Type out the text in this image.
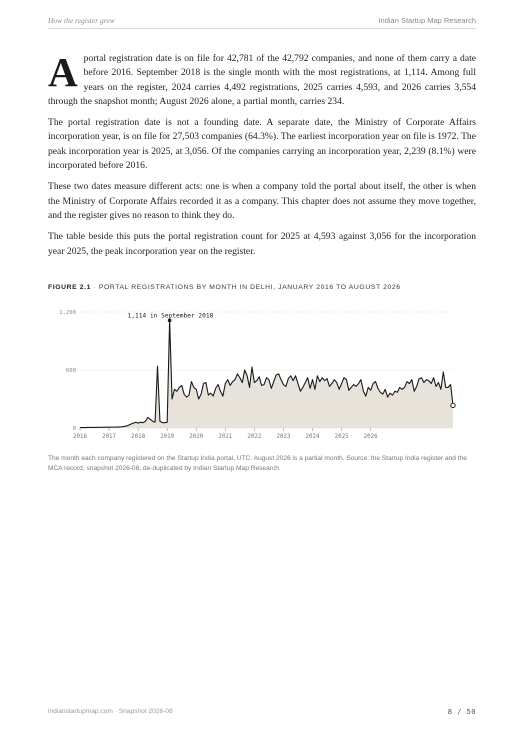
How the register grew	Indian Startup Map Research

Aportal registration date is on file for 42,781 of the 42,792 companies, and none of them carry a date before 2016. September 2018 is the single month with the most registrations, at 1,114. Among full years on the register, 2024 carries 4,492 registrations, 2025 carries 4,593, and 2026 carries 3,554 through the snapshot month; August 2026 alone, a partial month, carries 234.

The portal registration date is not a founding date. A separate date, the Ministry of Corporate Affairs incorporation year, is on file for 27,503 companies (64.3%). The earliest incorporation year on file is 1972. The peak incorporation year is 2025, at 3,056. Of the companies carrying an incorporation year, 2,239 (8.1%) were incorporated before 2016.

These two dates measure different acts: one is when a company told the portal about itself, the other is when the Ministry of Corporate Affairs recorded it as a company. This chapter does not assume they move together, and the register gives no reason to think they do.

The table beside this puts the portal registration count for 2025 at 4,593 against 3,056 for the incorporation year 2025, the peak incorporation year on the register.

FIGURE 2.1 · PORTAL REGISTRATIONS BY MONTH IN DELHI, JANUARY 2016 TO AUGUST 2026
0
600
1,200
2016	2017	2018	2019	2020	2021	2022	2023	2024	2025	2026
1,114 in September 2018
The month each company registered on the Startup India portal, UTC. August 2026 is a partial month. Source: the Startup India register and the MCA record, snapshot 2026-08, de-duplicated by Indian Startup Map Research.
indianstartupmap.com · Snapshot 2026-08	8 / 50
